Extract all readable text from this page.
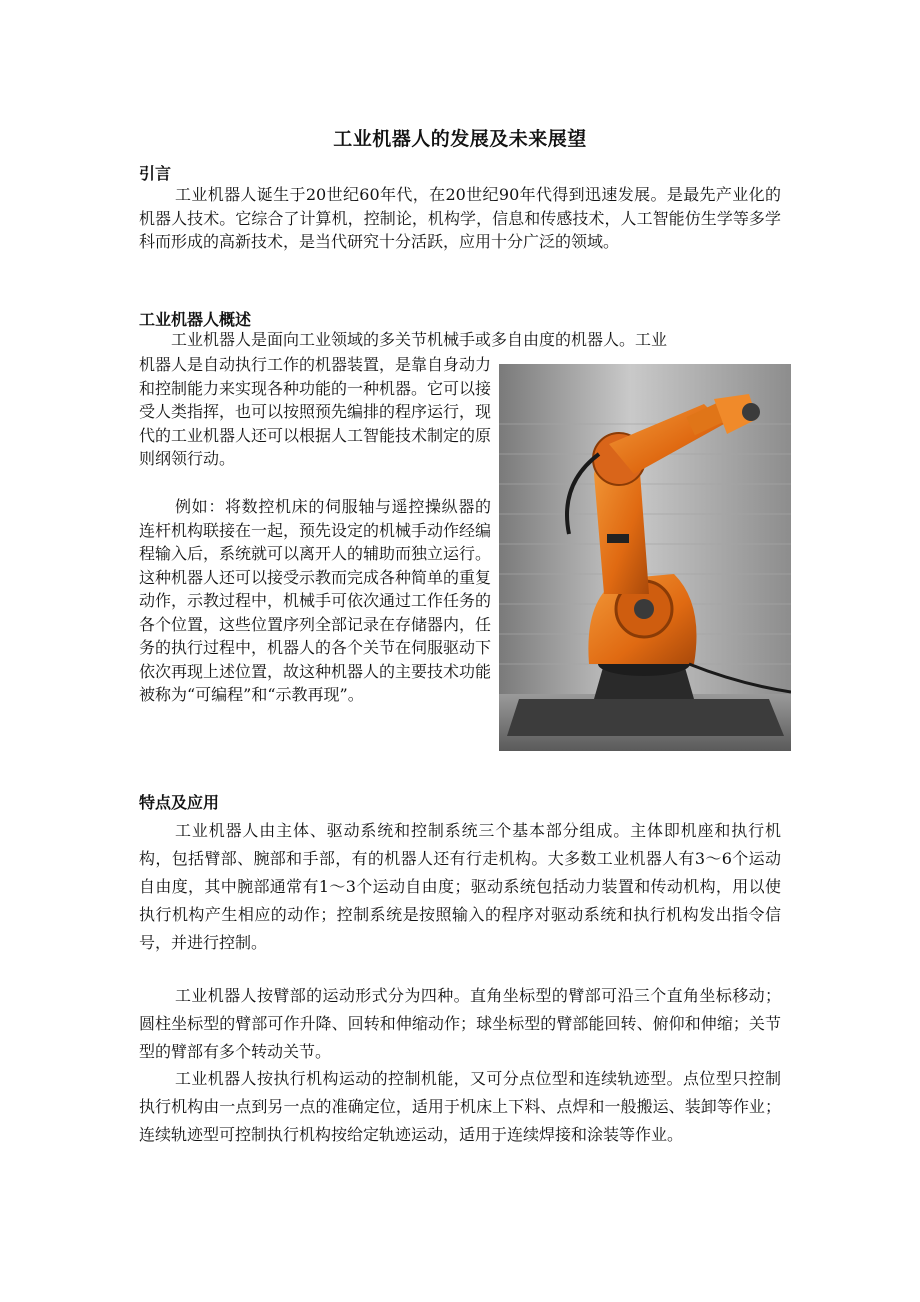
工业机器人的发展及未来展望
引言
工业机器人诞生于20世纪60年代，在20世纪90年代得到迅速发展。是最先产业化的机器人技术。它综合了计算机，控制论，机构学，信息和传感技术，人工智能仿生学等多学科而形成的高新技术，是当代研究十分活跃，应用十分广泛的领域。
工业机器人概述
工业机器人是面向工业领域的多关节机械手或多自由度的机器人。工业
机器人是自动执行工作的机器装置，是靠自身动力和控制能力来实现各种功能的一种机器。它可以接受人类指挥，也可以按照预先编排的程序运行，现代的工业机器人还可以根据人工智能技术制定的原则纲领行动。
例如：将数控机床的伺服轴与遥控操纵器的连杆机构联接在一起，预先设定的机械手动作经编程输入后，系统就可以离开人的辅助而独立运行。这种机器人还可以接受示教而完成各种简单的重复动作，示教过程中，机械手可依次通过工作任务的各个位置，这些位置序列全部记录在存储器内，任务的执行过程中，机器人的各个关节在伺服驱动下依次再现上述位置，故这种机器人的主要技术功能被称为“可编程”和“示教再现”。
特点及应用
工业机器人由主体、驱动系统和控制系统三个基本部分组成。主体即机座和执行机构，包括臂部、腕部和手部，有的机器人还有行走机构。大多数工业机器人有3～6个运动自由度，其中腕部通常有1～3个运动自由度；驱动系统包括动力装置和传动机构，用以使执行机构产生相应的动作；控制系统是按照输入的程序对驱动系统和执行机构发出指令信号，并进行控制。
工业机器人按臂部的运动形式分为四种。直角坐标型的臂部可沿三个直角坐标移动；圆柱坐标型的臂部可作升降、回转和伸缩动作；球坐标型的臂部能回转、俯仰和伸缩；关节型的臂部有多个转动关节。
工业机器人按执行机构运动的控制机能，又可分点位型和连续轨迹型。点位型只控制执行机构由一点到另一点的准确定位，适用于机床上下料、点焊和一般搬运、装卸等作业；连续轨迹型可控制执行机构按给定轨迹运动，适用于连续焊接和涂装等作业。
